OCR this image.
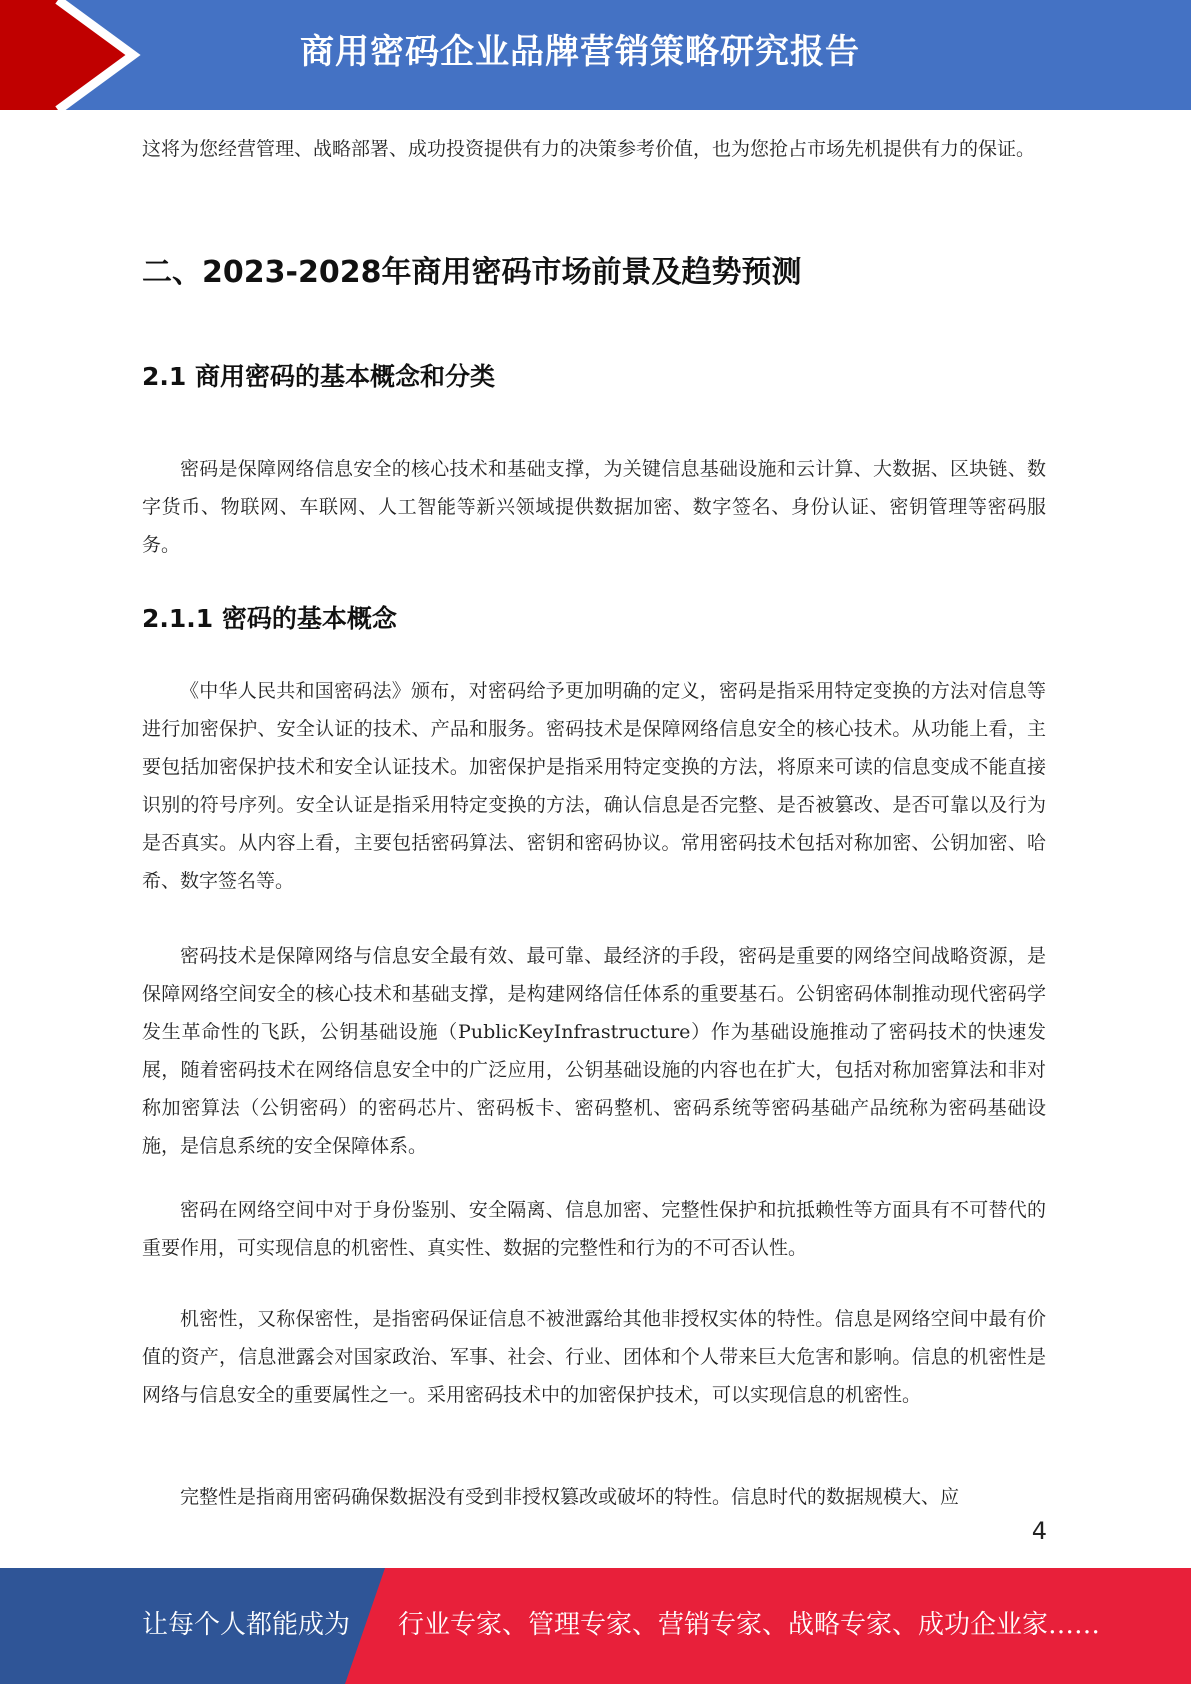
商用密码企业品牌营销策略研究报告

这将为您经营管理、战略部署、成功投资提供有力的决策参考价值，也为您抢占市场先机提供有力的保证。

二、2023-2028年商用密码市场前景及趋势预测
2.1 商用密码的基本概念和分类

密码是保障网络信息安全的核心技术和基础支撑，为关键信息基础设施和云计算、大数据、区块链、数字货币、物联网、车联网、人工智能等新兴领域提供数据加密、数字签名、身份认证、密钥管理等密码服务。

2.1.1 密码的基本概念

《中华人民共和国密码法》颁布，对密码给予更加明确的定义，密码是指采用特定变换的方法对信息等进行加密保护、安全认证的技术、产品和服务。密码技术是保障网络信息安全的核心技术。从功能上看，主要包括加密保护技术和安全认证技术。加密保护是指采用特定变换的方法，将原来可读的信息变成不能直接识别的符号序列。安全认证是指采用特定变换的方法，确认信息是否完整、是否被篡改、是否可靠以及行为是否真实。从内容上看，主要包括密码算法、密钥和密码协议。常用密码技术包括对称加密、公钥加密、哈希、数字签名等。

密码技术是保障网络与信息安全最有效、最可靠、最经济的手段，密码是重要的网络空间战略资源，是保障网络空间安全的核心技术和基础支撑，是构建网络信任体系的重要基石。公钥密码体制推动现代密码学发生革命性的飞跃，公钥基础设施（PublicKeyInfrastructure）作为基础设施推动了密码技术的快速发展，随着密码技术在网络信息安全中的广泛应用，公钥基础设施的内容也在扩大，包括对称加密算法和非对称加密算法（公钥密码）的密码芯片、密码板卡、密码整机、密码系统等密码基础产品统称为密码基础设施，是信息系统的安全保障体系。

密码在网络空间中对于身份鉴别、安全隔离、信息加密、完整性保护和抗抵赖性等方面具有不可替代的重要作用，可实现信息的机密性、真实性、数据的完整性和行为的不可否认性。

机密性，又称保密性，是指密码保证信息不被泄露给其他非授权实体的特性。信息是网络空间中最有价值的资产，信息泄露会对国家政治、军事、社会、行业、团体和个人带来巨大危害和影响。信息的机密性是网络与信息安全的重要属性之一。采用密码技术中的加密保护技术，可以实现信息的机密性。

完整性是指商用密码确保数据没有受到非授权篡改或破坏的特性。信息时代的数据规模大、应

4
让每个人都能成为 行业专家、管理专家、营销专家、战略专家、成功企业家……
